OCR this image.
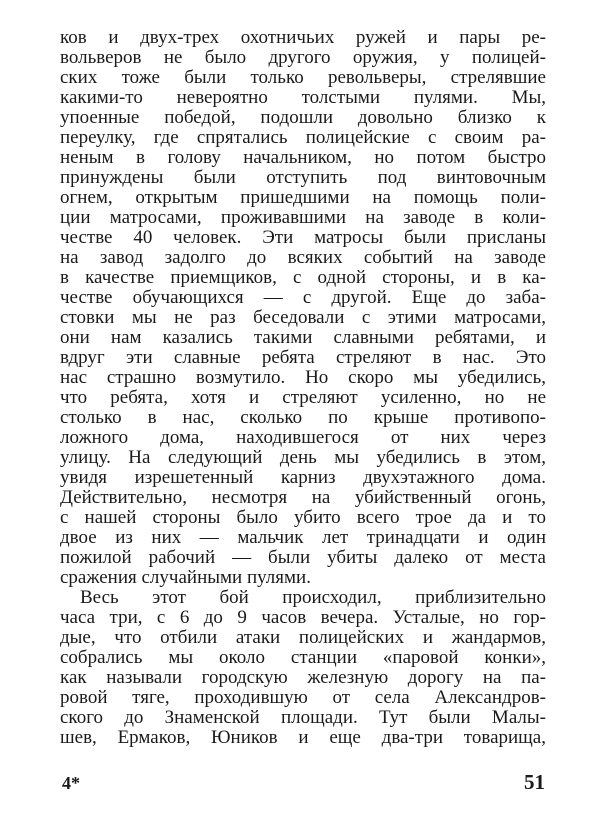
ков и двух-трех охотничьих ружей и пары ре-
вольверов не было другого оружия, у полицей-
ских тоже были только револьверы, стрелявшие
какими-то невероятно толстыми пулями. Мы,
упоенные победой, подошли довольно близко к
переулку, где спрятались полицейские с своим ра-
неным в голову начальником, но потом быстро
принуждены были отступить под винтовочным
огнем, открытым пришедшими на помощь поли-
ции матросами, проживавшими на заводе в коли-
честве 40 человек. Эти матросы были присланы
на завод задолго до всяких событий на заводе
в качестве приемщиков, с одной стороны, и в ка-
честве обучающихся — с другой. Еще до заба-
стовки мы не раз беседовали с этими матросами,
они нам казались такими славными ребятами, и
вдруг эти славные ребята стреляют в нас. Это
нас страшно возмутило. Но скоро мы убедились,
что ребята, хотя и стреляют усиленно, но не
столько в нас, сколько по крыше противопо-
ложного дома, находившегося от них через
улицу. На следующий день мы убедились в этом,
увидя изрешетенный карниз двухэтажного дома.
Действительно, несмотря на убийственный огонь,
с нашей стороны было убито всего трое да и то
двое из них — мальчик лет тринадцати и один
пожилой рабочий — были убиты далеко от места
сражения случайными пулями.
Весь этот бой происходил, приблизительно
часа три, с 6 до 9 часов вечера. Усталые, но гор-
дые, что отбили атаки полицейских и жандармов,
собрались мы около станции «паровой конки»,
как называли городскую железную дорогу на па-
ровой тяге, проходившую от села Александров-
ского до Знаменской площади. Тут были Малы-
шев, Ермаков, Юников и еще два-три товарища,
4*	51
